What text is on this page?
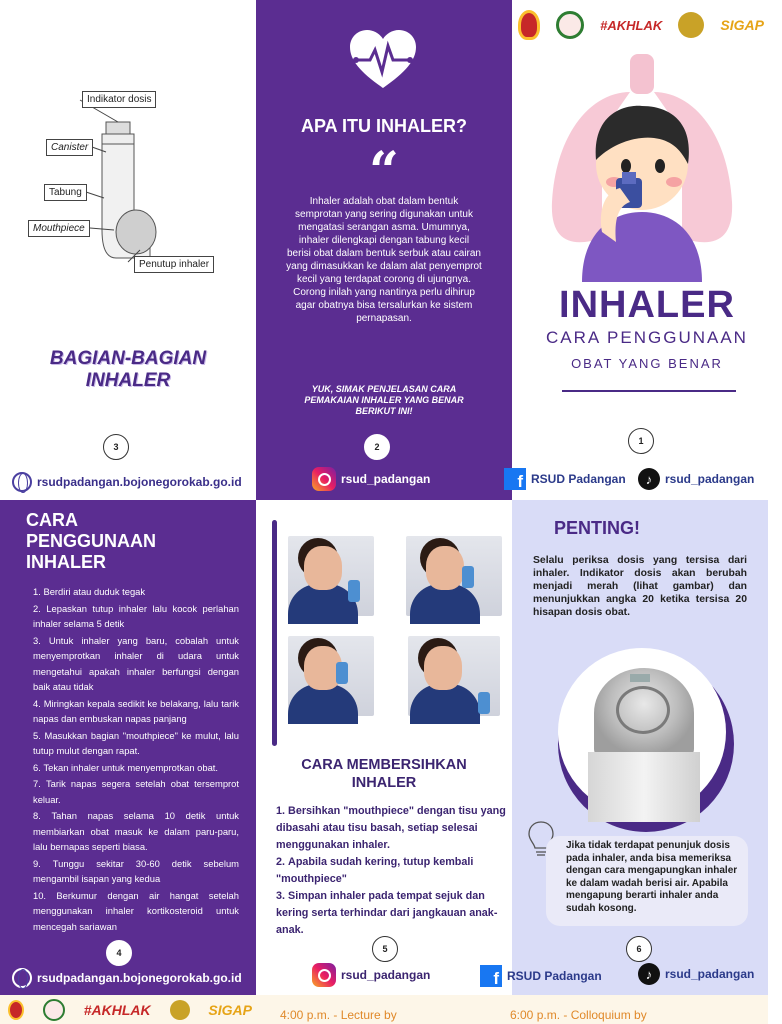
Indikator dosis
Canister
Tabung
Mouthpiece
Penutup inhaler
BAGIAN-BAGIAN
INHALER
3
rsudpadangan.bojonegorokab.go.id
APA ITU INHALER?
“
Inhaler adalah obat dalam bentuk semprotan yang sering digunakan untuk mengatasi serangan asma. Umumnya, inhaler dilengkapi dengan tabung kecil berisi obat dalam bentuk serbuk atau cairan yang dimasukkan ke dalam alat penyemprot kecil yang terdapat corong di ujungnya. Corong inilah yang nantinya perlu dihirup agar obatnya bisa tersalurkan ke sistem pernapasan.
YUK, SIMAK PENJELASAN CARA PEMAKAIAN INHALER YANG BENAR BERIKUT INI!
2
rsud_padangan
#AKHLAK	SIGAP
INHALER
CARA PENGGUNAAN
OBAT YANG BENAR
1
f RSUD Padangan	♪	rsud_padangan
CARA
PENGGUNAAN
INHALER
1. Berdiri atau duduk tegak
2. Lepaskan tutup inhaler lalu kocok perlahan inhaler selama 5 detik
3. Untuk inhaler yang baru, cobalah untuk menyemprotkan inhaler di udara untuk mengetahui apakah inhaler berfungsi dengan baik atau tidak
4. Miringkan kepala sedikit ke belakang, lalu tarik napas dan embuskan napas panjang
5. Masukkan bagian "mouthpiece" ke mulut, lalu tutup mulut dengan rapat.
6. Tekan inhaler untuk menyemprotkan obat.
7. Tarik napas segera setelah obat tersemprot keluar.
8. Tahan napas selama 10 detik untuk membiarkan obat masuk ke dalam paru-paru, lalu bernapas seperti biasa.
9. Tunggu sekitar 30-60 detik sebelum mengambil isapan yang kedua
10. Berkumur dengan air hangat setelah menggunakan inhaler kortikosteroid untuk mencegah sariawan
4
rsudpadangan.bojonegorokab.go.id
CARA MEMBERSIHKAN
INHALER
1. Bersihkan "mouthpiece" dengan tisu yang dibasahi atau tisu basah, setiap selesai menggunakan inhaler.
2. Apabila sudah kering, tutup kembali "mouthpiece"
3. Simpan inhaler pada tempat sejuk dan kering serta terhindar dari jangkauan anak-anak.
5
rsud_padangan
PENTING!
Selalu periksa dosis yang tersisa dari inhaler. Indikator dosis akan berubah menjadi merah (lihat gambar) dan menunjukkan angka 20 ketika tersisa 20 hisapan dosis obat.
Jika tidak terdapat penunjuk dosis pada inhaler, anda bisa memeriksa dengan cara mengapungkan inhaler ke dalam wadah berisi air. Apabila mengapung berarti inhaler anda sudah kosong.
6
f RSUD Padangan	♪	rsud_padangan
#AKHLAK	SIGAP 4:00 p.m. - Lecture by	6:00 p.m. - Colloquium by
